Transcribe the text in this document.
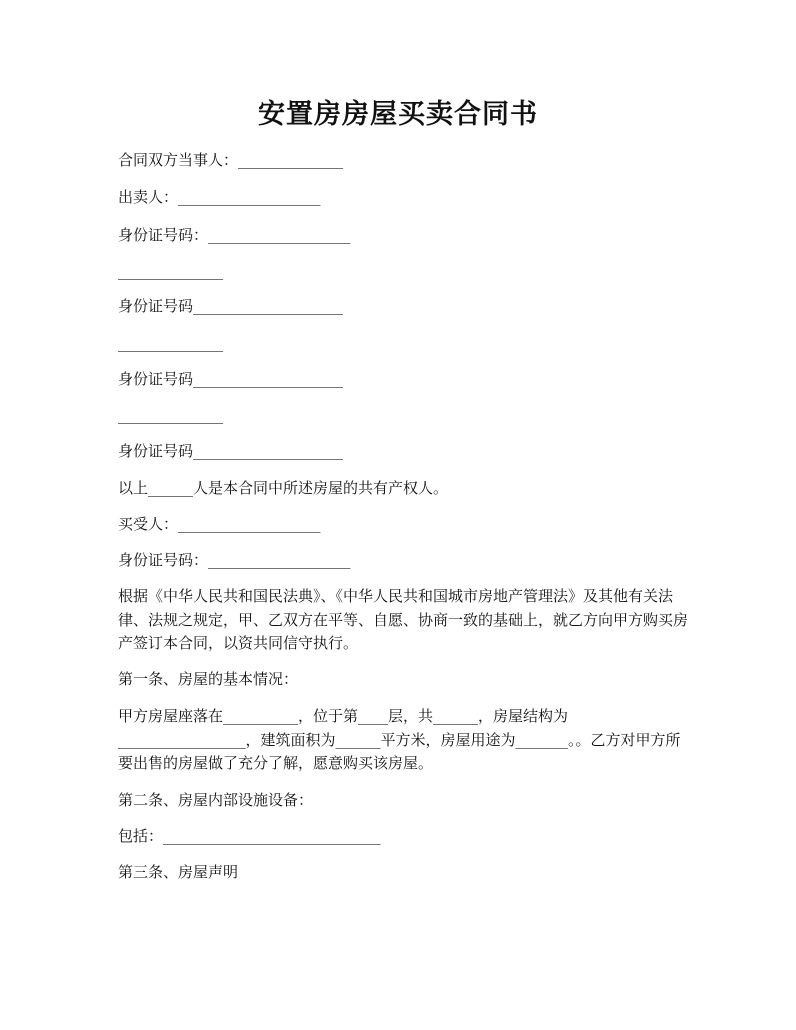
安置房房屋买卖合同书

合同双方当事人：______________

出卖人：___________________

身份证号码：___________________

______________

身份证号码____________________

______________

身份证号码____________________

______________

身份证号码____________________

以上______人是本合同中所述房屋的共有产权人。

买受人：___________________

身份证号码：___________________

根据《中华人民共和国民法典》、《中华人民共和国城市房地产管理法》及其他有关法律、法规之规定，甲、乙双方在平等、自愿、协商一致的基础上，就乙方向甲方购买房产签订本合同，以资共同信守执行。

第一条、房屋的基本情况：

甲方房屋座落在__________，位于第____层，共______，房屋结构为_________________，建筑面积为______平方米，房屋用途为_______。。乙方对甲方所要出售的房屋做了充分了解，愿意购买该房屋。

第二条、房屋内部设施设备：

包括：_____________________________

第三条、房屋声明
